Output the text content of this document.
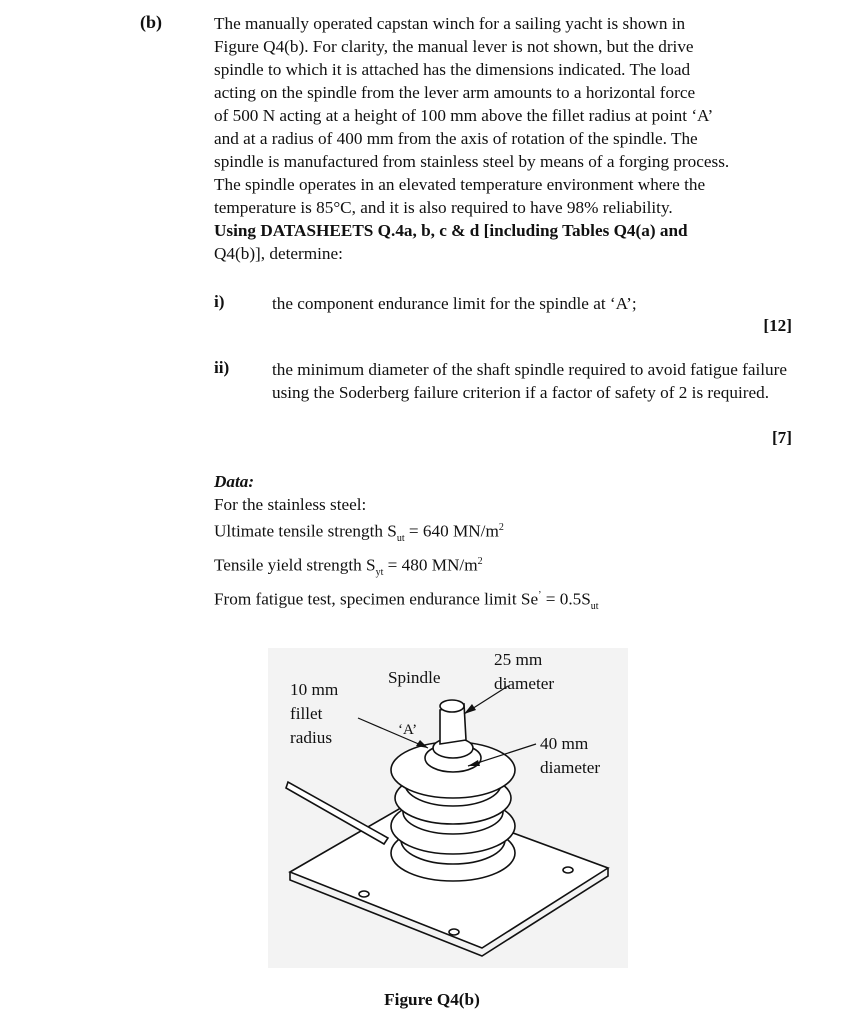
(b)	The manually operated capstan winch for a sailing yacht is shown in
Figure Q4(b). For clarity, the manual lever is not shown, but the drive
spindle to which it is attached has the dimensions indicated. The load
acting on the spindle from the lever arm amounts to a horizontal force
of 500 N acting at a height of 100 mm above the fillet radius at point ‘A’
and at a radius of 400 mm from the axis of rotation of the spindle. The
spindle is manufactured from stainless steel by means of a forging process.
The spindle operates in an elevated temperature environment where the
temperature is 85°C, and it is also required to have 98% reliability.
Using DATASHEETS Q.4a, b, c & d [including Tables Q4(a) and
Q4(b)], determine:
i)	the component endurance limit for the spindle at ‘A’;
[12]
ii) the minimum diameter of the shaft spindle required to avoid fatigue failure using the Soderberg failure criterion if a factor of safety of 2 is required.
[7]
Data:
For the stainless steel:
Ultimate tensile strength $S_{ut} = 640$ $MN/m^2$
Tensile yield strength $S_{yt} = 480$ $MN/m^2$
From fatigue test, specimen endurance limit $Se^’ = 0.5S_{ut}$
10 mm
fillet
radius
Spindle
25 mm
diameter
‘A’
40 mm
diameter
Figure Q4(b)
